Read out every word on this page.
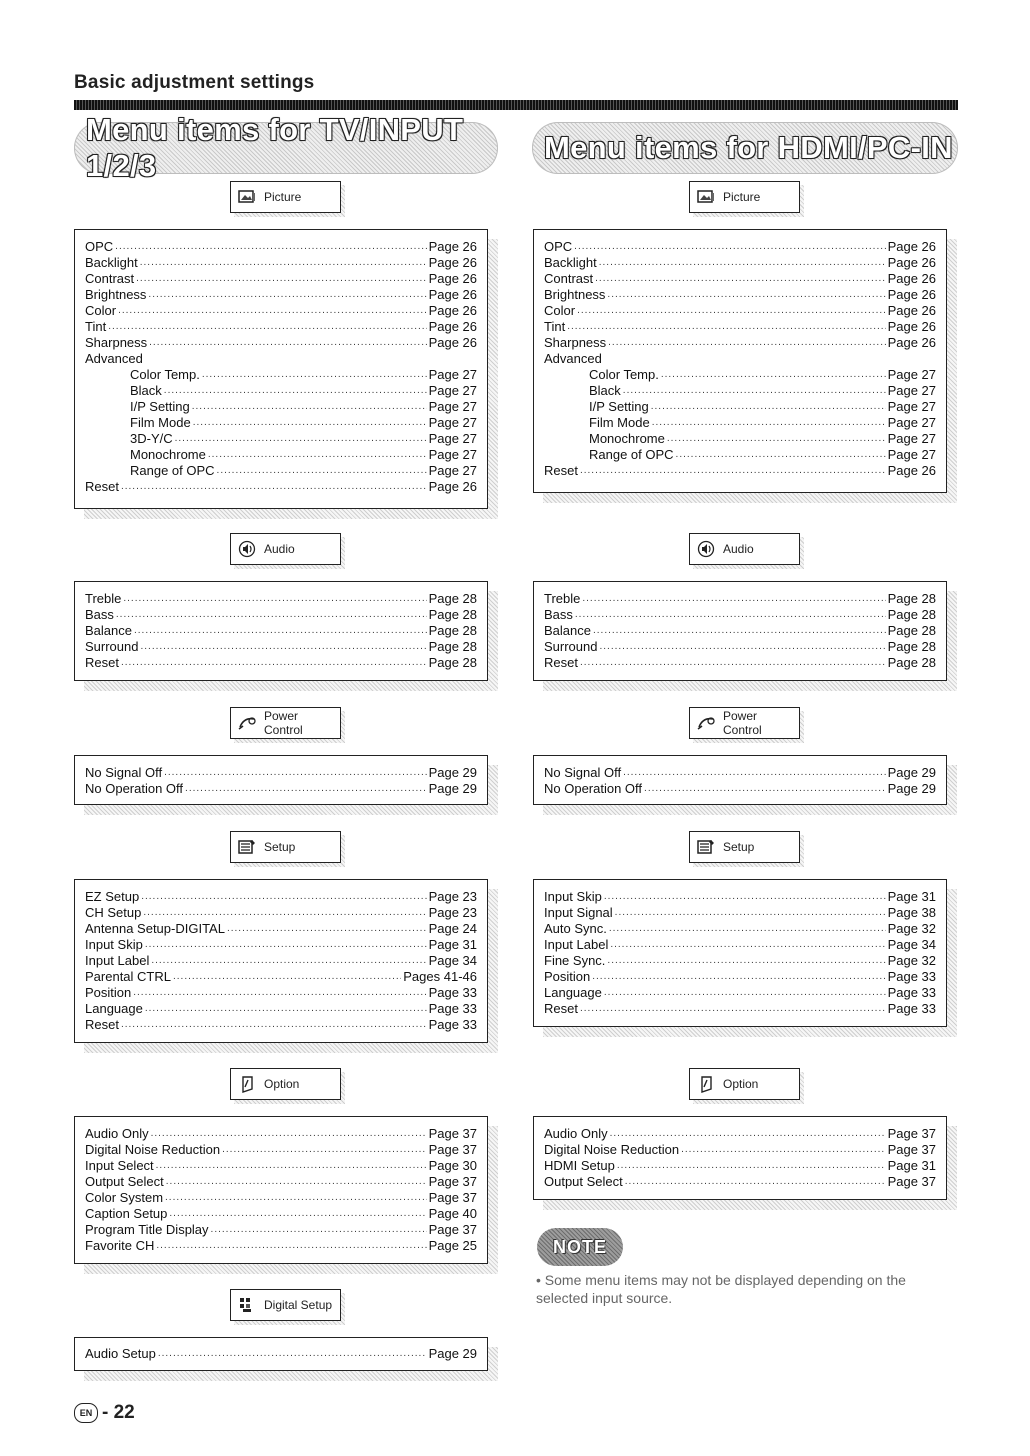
Basic adjustment settings
Menu items for TV/INPUT 1/2/3
Menu items for HDMI/PC-IN
Picture
OPC .....	Page 26
Backlight .....	Page 26
Contrast .....	Page 26
Brightness .....	Page 26
Color .....	Page 26
Tint .....	Page 26
Sharpness .....	Page 26
Advanced
Color Temp. .....	Page 27
Black .....	Page 27
I/P Setting .....	Page 27
Film Mode .....	Page 27
3D-Y/C .....	Page 27
Monochrome .....	Page 27
Range of OPC .....	Page 27
Reset .....	Page 26
Audio
Treble .....	Page 28
Bass .....	Page 28
Balance .....	Page 28
Surround .....	Page 28
Reset .....	Page 28
Power Control
No Signal Off .....	Page 29
No Operation Off .....	Page 29
Setup
EZ Setup .....	Page 23
CH Setup .....	Page 23
Antenna Setup-DIGITAL .....	Page 24
Input Skip .....	Page 31
Input Label .....	Page 34
Parental CTRL .....	Pages 41-46
Position .....	Page 33
Language .....	Page 33
Reset .....	Page 33
Option
Audio Only .....	Page 37
Digital Noise Reduction .....	Page 37
Input Select .....	Page 30
Output Select .....	Page 37
Color System .....	Page 37
Caption Setup .....	Page 40
Program Title Display .....	Page 37
Favorite CH .....	Page 25
Digital Setup
Audio Setup .....	Page 29
Picture
OPC .....	Page 26
Backlight .....	Page 26
Contrast .....	Page 26
Brightness .....	Page 26
Color .....	Page 26
Tint .....	Page 26
Sharpness .....	Page 26
Advanced
Color Temp. .....	Page 27
Black .....	Page 27
I/P Setting .....	Page 27
Film Mode .....	Page 27
Monochrome .....	Page 27
Range of OPC .....	Page 27
Reset .....	Page 26
Audio
Treble .....	Page 28
Bass .....	Page 28
Balance .....	Page 28
Surround .....	Page 28
Reset .....	Page 28
Power Control
No Signal Off .....	Page 29
No Operation Off .....	Page 29
Setup
Input Skip .....	Page 31
Input Signal .....	Page 38
Auto Sync. .....	Page 32
Input Label .....	Page 34
Fine Sync. .....	Page 32
Position .....	Page 33
Language .....	Page 33
Reset .....	Page 33
Option
Audio Only .....	Page 37
Digital Noise Reduction .....	Page 37
HDMI Setup .....	Page 31
Output Select .....	Page 37
NOTE
• Some menu items may not be displayed depending on the selected input source.
EN - 22
